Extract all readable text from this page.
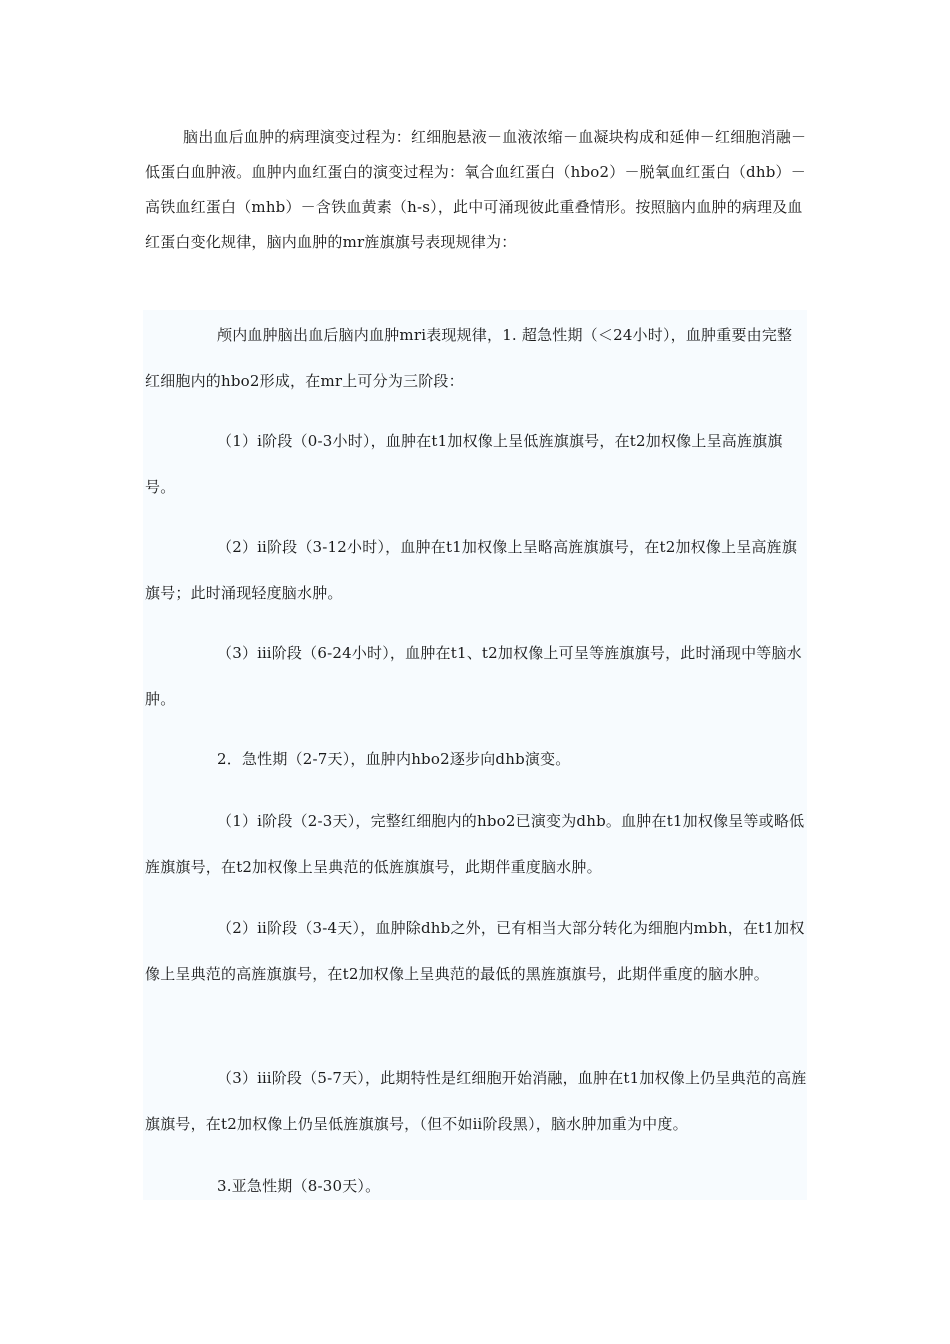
脑出血后血肿的病理演变过程为：红细胞悬液－血液浓缩－血凝块构成和延伸－红细胞消融－低蛋白血肿液。血肿内血红蛋白的演变过程为：氧合血红蛋白（hbo2）－脱氧血红蛋白（dhb）－高铁血红蛋白（mhb）－含铁血黄素（h-s），此中可涌现彼此重叠情形。按照脑内血肿的病理及血红蛋白变化规律，脑内血肿的mr旌旗旗号表现规律为：

颅内血肿脑出血后脑内血肿mri表现规律，1. 超急性期（＜24小时），血肿重要由完整红细胞内的hbo2形成，在mr上可分为三阶段：

（1）ⅰ阶段（0-3小时），血肿在t1加权像上呈低旌旗旗号，在t2加权像上呈高旌旗旗号。

（2）ⅱ阶段（3-12小时），血肿在t1加权像上呈略高旌旗旗号，在t2加权像上呈高旌旗旗号；此时涌现轻度脑水肿。

（3）ⅲ阶段（6-24小时），血肿在t1、t2加权像上可呈等旌旗旗号，此时涌现中等脑水肿。

2．急性期（2-7天），血肿内hbo2逐步向dhb演变。

（1）ⅰ阶段（2-3天），完整红细胞内的hbo2已演变为dhb。血肿在t1加权像呈等或略低旌旗旗号，在t2加权像上呈典范的低旌旗旗号，此期伴重度脑水肿。

（2）ⅱ阶段（3-4天），血肿除dhb之外，已有相当大部分转化为细胞内mbh，在t1加权像上呈典范的高旌旗旗号，在t2加权像上呈典范的最低的黑旌旗旗号，此期伴重度的脑水肿。

（3）ⅲ阶段（5-7天），此期特性是红细胞开始消融，血肿在t1加权像上仍呈典范的高旌旗旗号，在t2加权像上仍呈低旌旗旗号，（但不如ⅱ阶段黑），脑水肿加重为中度。

3.亚急性期（8-30天）。
